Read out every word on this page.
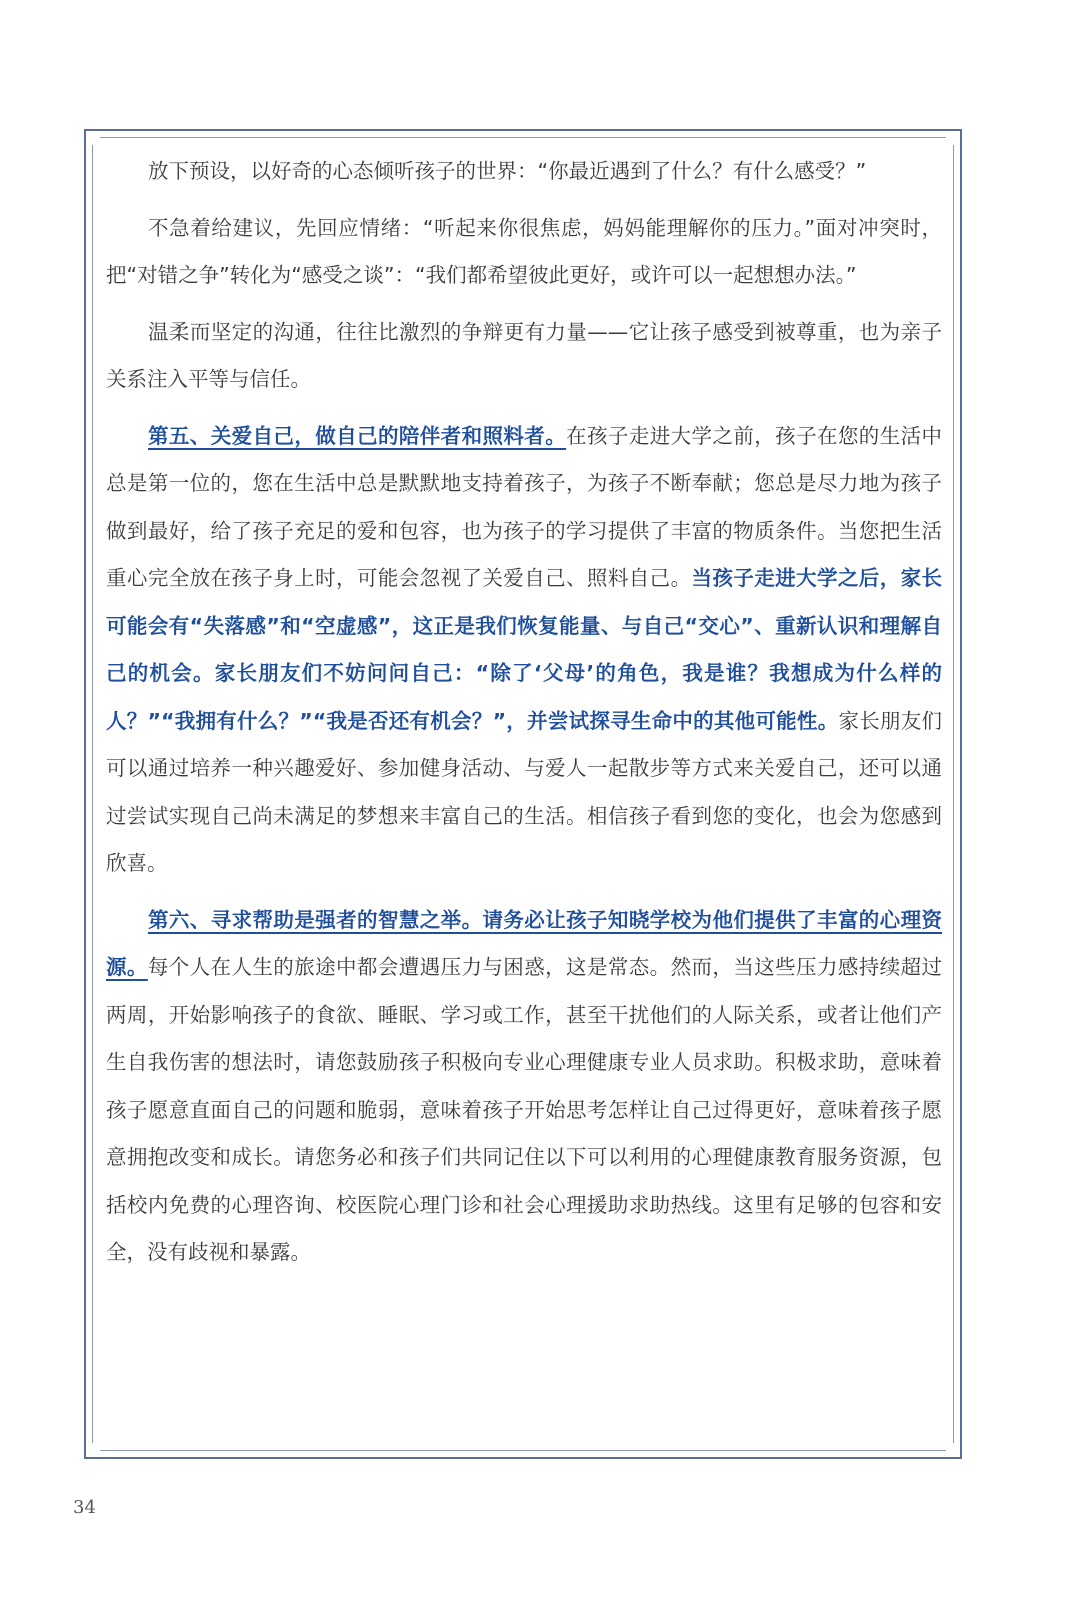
放下预设，以好奇的心态倾听孩子的世界：“你最近遇到了什么？有什么感受？”

不急着给建议，先回应情绪：“听起来你很焦虑，妈妈能理解你的压力。”面对冲突时，把“对错之争”转化为“感受之谈”：“我们都希望彼此更好，或许可以一起想想办法。”

温柔而坚定的沟通，往往比激烈的争辩更有力量——它让孩子感受到被尊重，也为亲子关系注入平等与信任。

第五、关爱自己，做自己的陪伴者和照料者。在孩子走进大学之前，孩子在您的生活中总是第一位的，您在生活中总是默默地支持着孩子，为孩子不断奉献；您总是尽力地为孩子做到最好，给了孩子充足的爱和包容，也为孩子的学习提供了丰富的物质条件。当您把生活重心完全放在孩子身上时，可能会忽视了关爱自己、照料自己。当孩子走进大学之后，家长可能会有“失落感”和“空虚感”，这正是我们恢复能量、与自己“交心”、重新认识和理解自己的机会。家长朋友们不妨问问自己：“除了‘父母’的角色，我是谁？我想成为什么样的人？”“我拥有什么？”“我是否还有机会？”，并尝试探寻生命中的其他可能性。家长朋友们可以通过培养一种兴趣爱好、参加健身活动、与爱人一起散步等方式来关爱自己，还可以通过尝试实现自己尚未满足的梦想来丰富自己的生活。相信孩子看到您的变化，也会为您感到欣喜。

第六、寻求帮助是强者的智慧之举。请务必让孩子知晓学校为他们提供了丰富的心理资源。每个人在人生的旅途中都会遭遇压力与困惑，这是常态。然而，当这些压力感持续超过两周，开始影响孩子的食欲、睡眠、学习或工作，甚至干扰他们的人际关系，或者让他们产生自我伤害的想法时，请您鼓励孩子积极向专业心理健康专业人员求助。积极求助，意味着孩子愿意直面自己的问题和脆弱，意味着孩子开始思考怎样让自己过得更好，意味着孩子愿意拥抱改变和成长。请您务必和孩子们共同记住以下可以利用的心理健康教育服务资源，包括校内免费的心理咨询、校医院心理门诊和社会心理援助求助热线。这里有足够的包容和安全，没有歧视和暴露。

34
